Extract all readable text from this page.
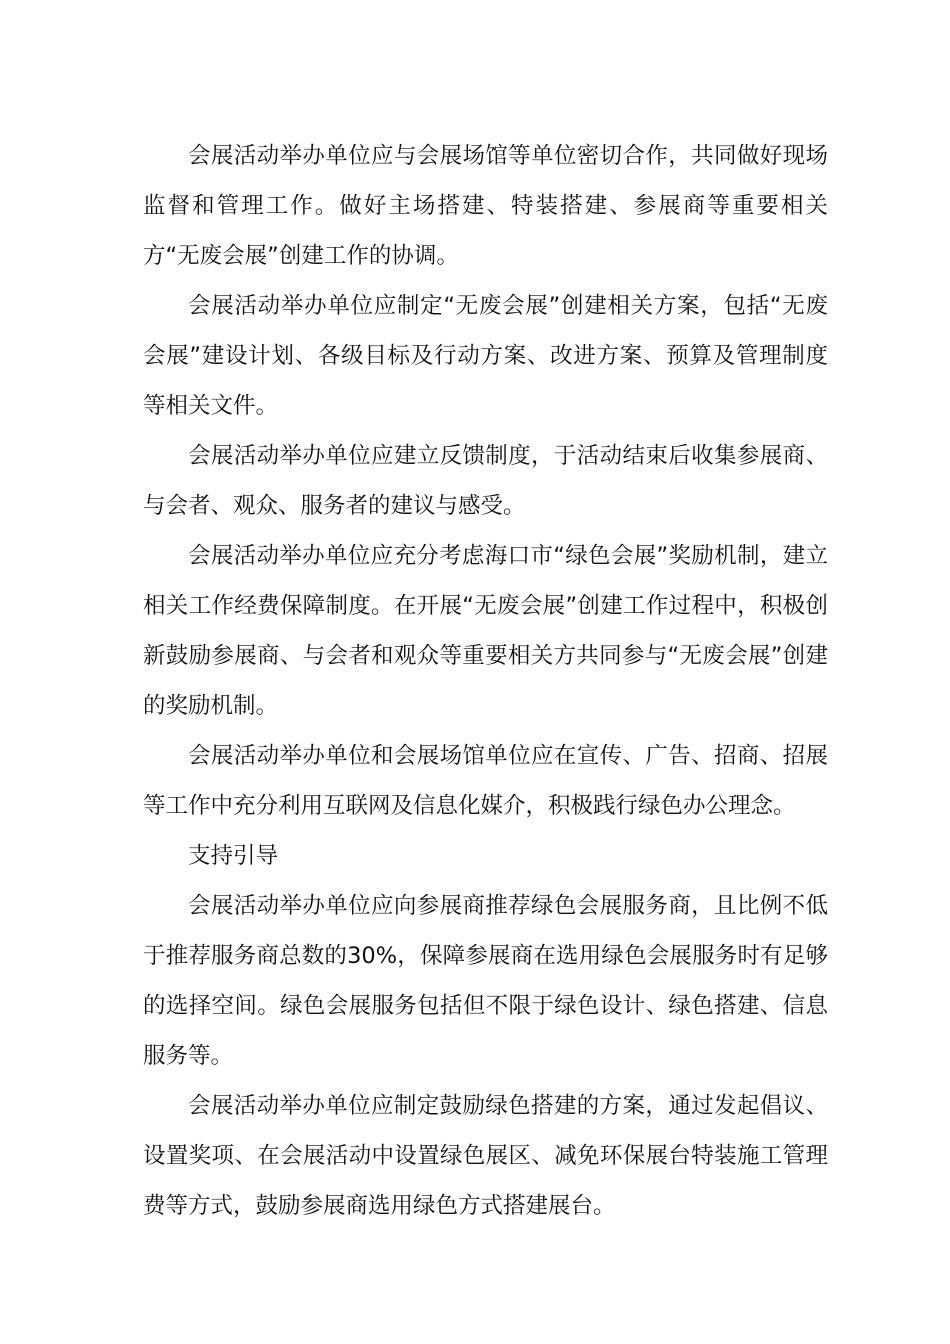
会展活动举办单位应与会展场馆等单位密切合作，共同做好现场监督和管理工作。做好主场搭建、特装搭建、参展商等重要相关方“无废会展”创建工作的协调。

会展活动举办单位应制定“无废会展”创建相关方案，包括“无废会展”建设计划、各级目标及行动方案、改进方案、预算及管理制度等相关文件。

会展活动举办单位应建立反馈制度，于活动结束后收集参展商、与会者、观众、服务者的建议与感受。

会展活动举办单位应充分考虑海口市“绿色会展”奖励机制，建立相关工作经费保障制度。在开展“无废会展”创建工作过程中，积极创新鼓励参展商、与会者和观众等重要相关方共同参与“无废会展”创建的奖励机制。

会展活动举办单位和会展场馆单位应在宣传、广告、招商、招展等工作中充分利用互联网及信息化媒介，积极践行绿色办公理念。

支持引导

会展活动举办单位应向参展商推荐绿色会展服务商，且比例不低于推荐服务商总数的30%，保障参展商在选用绿色会展服务时有足够的选择空间。绿色会展服务包括但不限于绿色设计、绿色搭建、信息服务等。

会展活动举办单位应制定鼓励绿色搭建的方案，通过发起倡议、设置奖项、在会展活动中设置绿色展区、减免环保展台特装施工管理费等方式，鼓励参展商选用绿色方式搭建展台。
